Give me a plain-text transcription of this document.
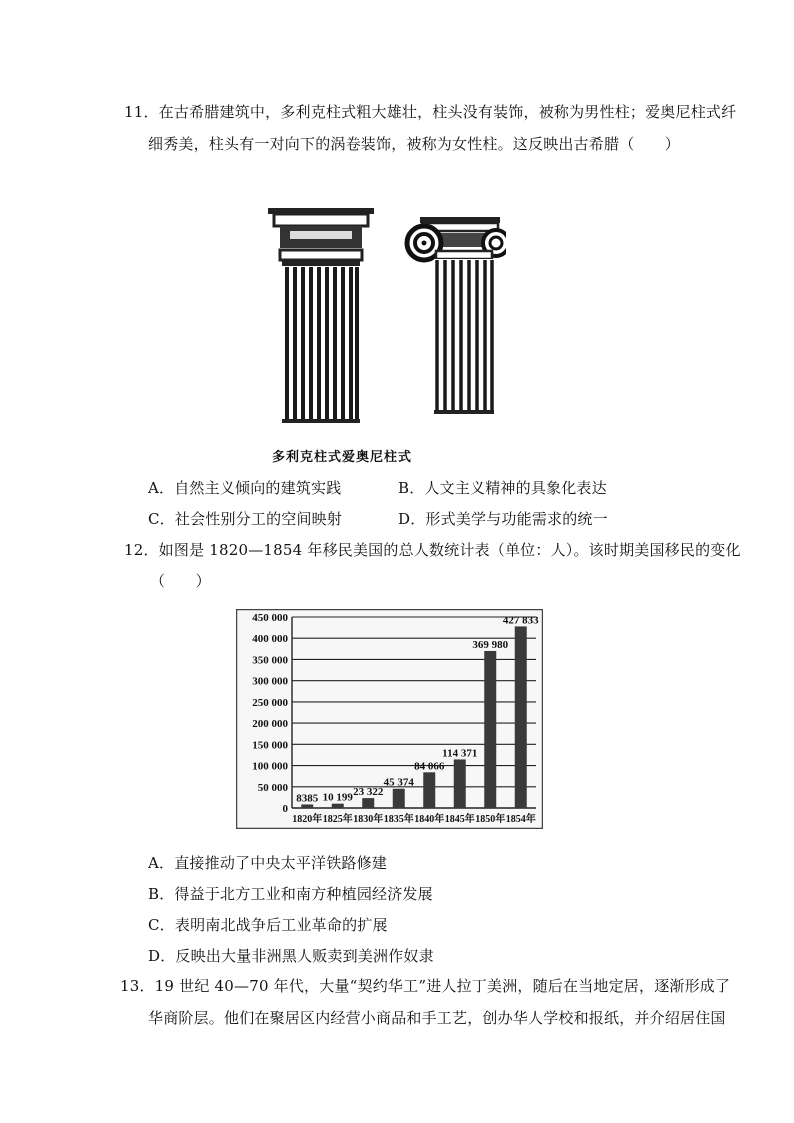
11．在古希腊建筑中，多利克柱式粗大雄壮，柱头没有装饰，被称为男性柱；爱奥尼柱式纤
细秀美，柱头有一对向下的涡卷装饰，被称为女性柱。这反映出古希腊（　　）
多利克柱式爱奥尼柱式
A．自然主义倾向的建筑实践	B．人文主义精神的具象化表达
C．社会性别分工的空间映射	D．形式美学与功能需求的统一
12．如图是 1820—1854 年移民美国的总人数统计表（单位：人）。该时期美国移民的变化
（　　）
0
50 000
100 000
150 000
200 000
250 000
300 000
350 000
400 000
450 000
8385 10 199 23 322
45 374
84 066
114 371
369 980
427 833
1820年 1825年 1830年 1835年 1840年 1845年 1850年 1854年
A．直接推动了中央太平洋铁路修建
B．得益于北方工业和南方种植园经济发展
C．表明南北战争后工业革命的扩展
D．反映出大量非洲黑人贩卖到美洲作奴隶
13．19 世纪 40—70 年代，大量“契约华工”进人拉丁美洲，随后在当地定居，逐渐形成了
华商阶层。他们在聚居区内经营小商品和手工艺，创办华人学校和报纸，并介绍居住国
